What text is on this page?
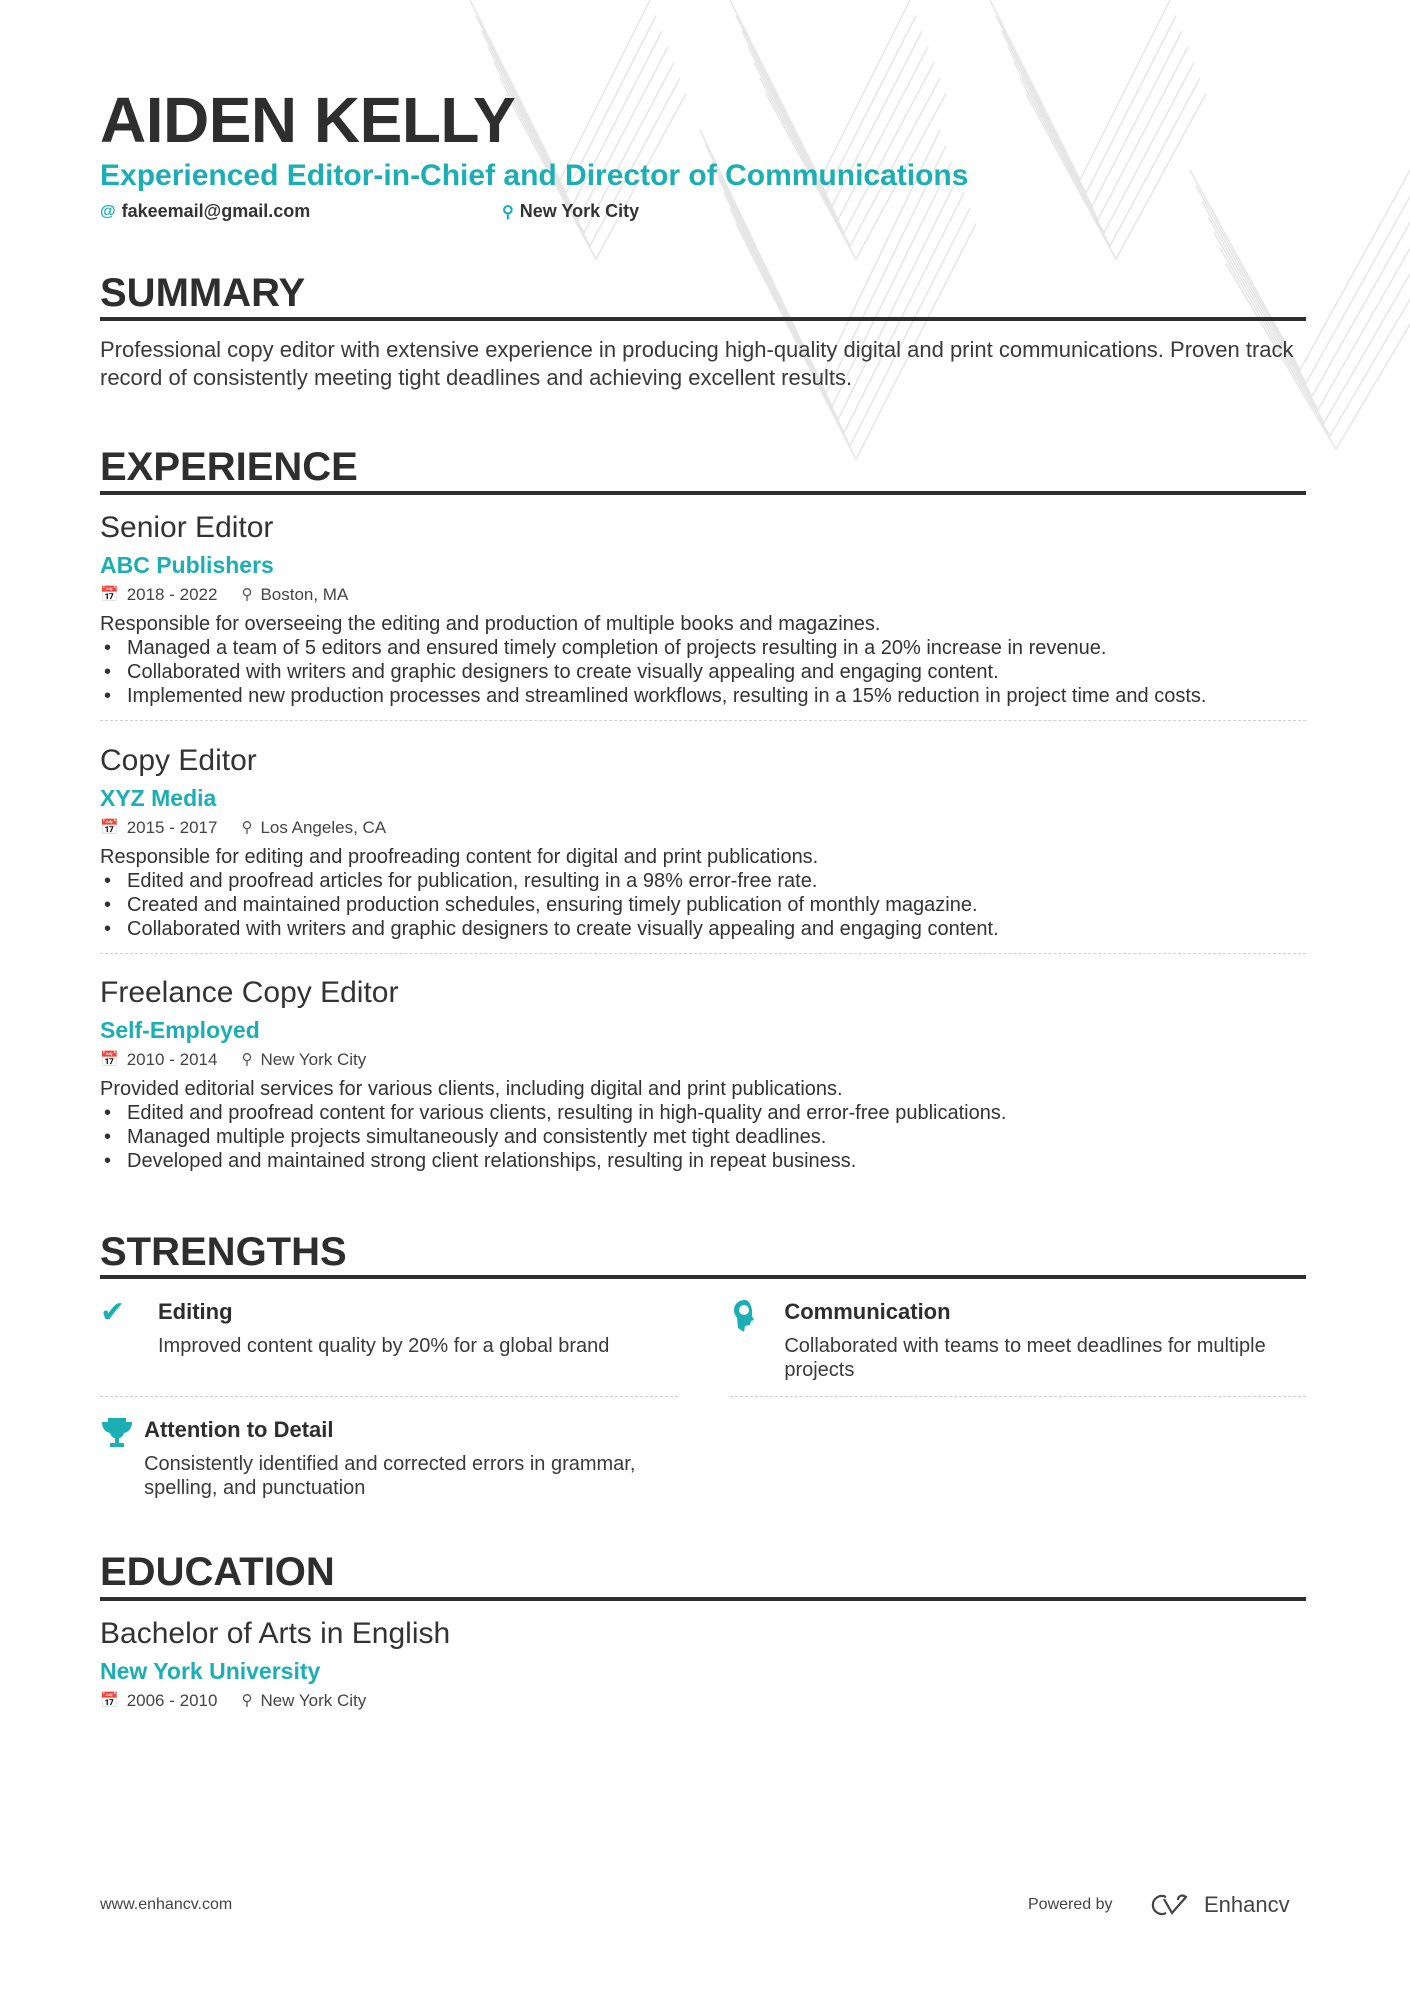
AIDEN KELLY
Experienced Editor-in-Chief and Director of Communications
@ fakeemail@gmail.com	⚲ New York City
SUMMARY
Professional copy editor with extensive experience in producing high-quality digital and print communications. Proven track record of consistently meeting tight deadlines and achieving excellent results.
EXPERIENCE
Senior Editor
ABC Publishers
📅 2018 - 2022 ⚲ Boston, MA
Responsible for overseeing the editing and production of multiple books and magazines.
• Managed a team of 5 editors and ensured timely completion of projects resulting in a 20% increase in revenue.
• Collaborated with writers and graphic designers to create visually appealing and engaging content.
• Implemented new production processes and streamlined workflows, resulting in a 15% reduction in project time and costs.
Copy Editor
XYZ Media
📅 2015 - 2017 ⚲ Los Angeles, CA
Responsible for editing and proofreading content for digital and print publications.
• Edited and proofread articles for publication, resulting in a 98% error-free rate.
• Created and maintained production schedules, ensuring timely publication of monthly magazine.
• Collaborated with writers and graphic designers to create visually appealing and engaging content.
Freelance Copy Editor
Self-Employed
📅 2010 - 2014 ⚲ New York City
Provided editorial services for various clients, including digital and print publications.
• Edited and proofread content for various clients, resulting in high-quality and error-free publications.
• Managed multiple projects simultaneously and consistently met tight deadlines.
• Developed and maintained strong client relationships, resulting in repeat business.
STRENGTHS
✔	Editing
Improved content quality by 20% for a global brand
Communication
Collaborated with teams to meet deadlines for multiple projects
Attention to Detail
Consistently identified and corrected errors in grammar, spelling, and punctuation
EDUCATION
Bachelor of Arts in English
New York University
📅 2006 - 2010 ⚲ New York City
www.enhancv.com	Powered by	Enhancv
